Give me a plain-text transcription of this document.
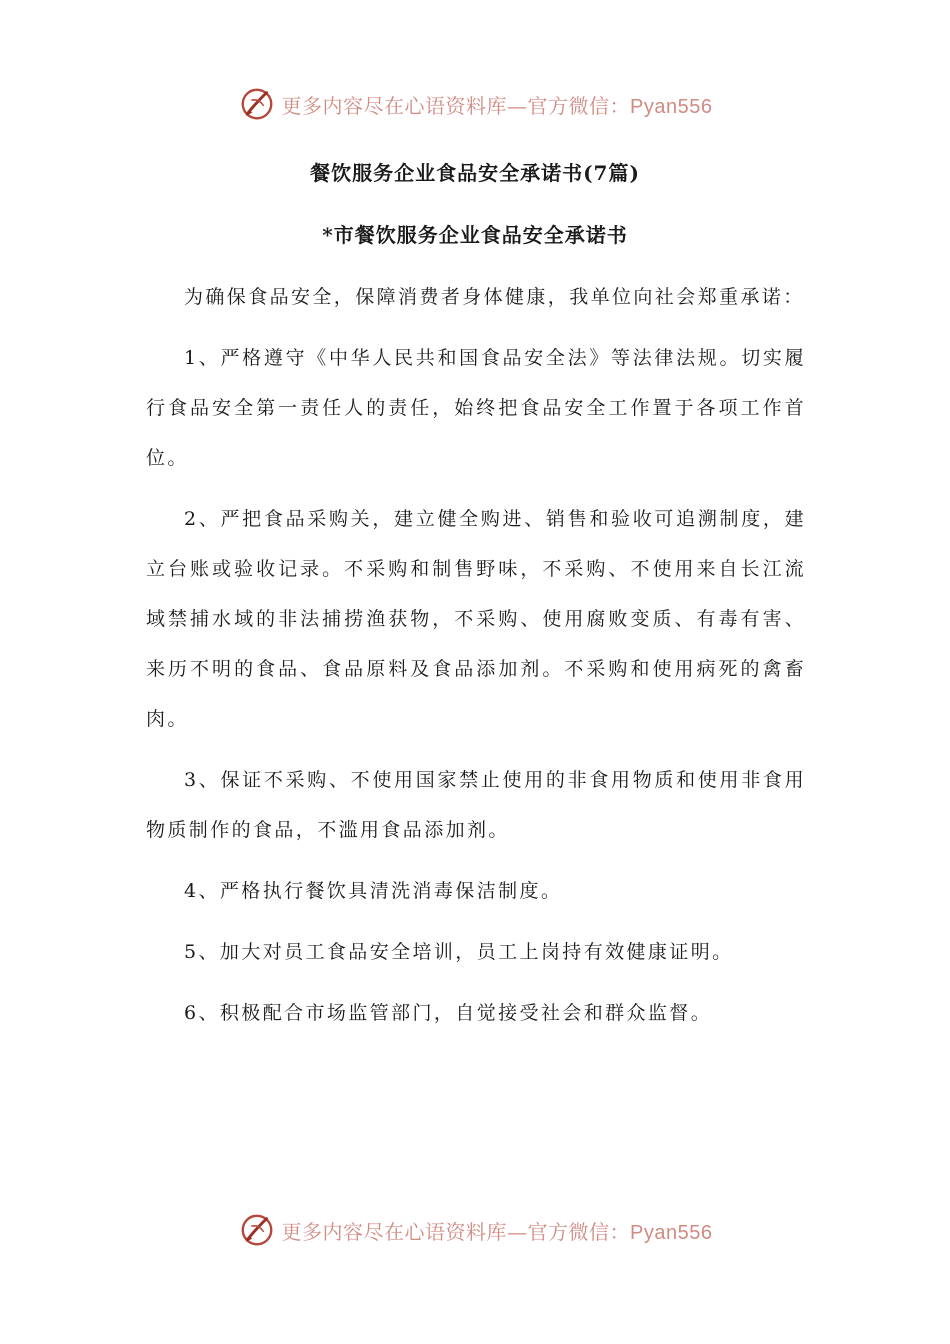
更多内容尽在心语资料库—官方微信：Pyan556
餐饮服务企业食品安全承诺书(7篇)
*市餐饮服务企业食品安全承诺书

为确保食品安全，保障消费者身体健康，我单位向社会郑重承诺：

1、严格遵守《中华人民共和国食品安全法》等法律法规。切实履行食品安全第一责任人的责任，始终把食品安全工作置于各项工作首位。

2、严把食品采购关，建立健全购进、销售和验收可追溯制度，建立台账或验收记录。不采购和制售野味，不采购、不使用来自长江流域禁捕水域的非法捕捞渔获物，不采购、使用腐败变质、有毒有害、来历不明的食品、食品原料及食品添加剂。不采购和使用病死的禽畜肉。

3、保证不采购、不使用国家禁止使用的非食用物质和使用非食用物质制作的食品，不滥用食品添加剂。

4、严格执行餐饮具清洗消毒保洁制度。

5、加大对员工食品安全培训，员工上岗持有效健康证明。

6、积极配合市场监管部门，自觉接受社会和群众监督。

更多内容尽在心语资料库—官方微信：Pyan556
